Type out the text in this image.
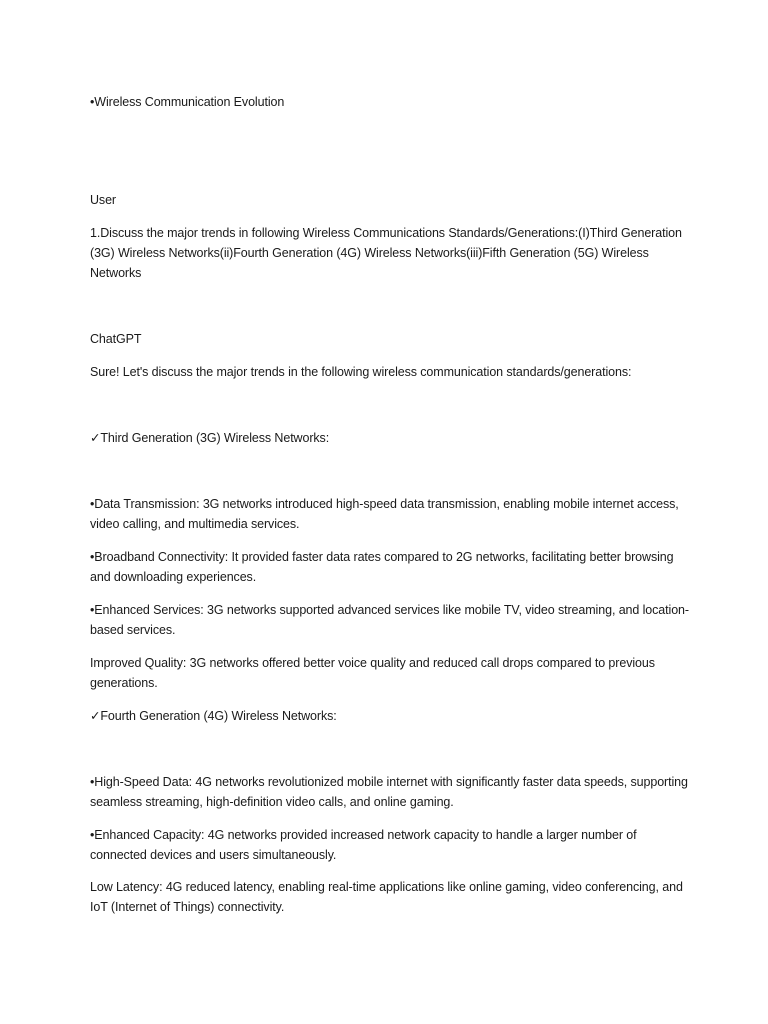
•Wireless Communication Evolution
User
1.Discuss the major trends in following Wireless Communications Standards/Generations:(I)Third Generation (3G) Wireless Networks(ii)Fourth Generation (4G) Wireless Networks(iii)Fifth Generation (5G) Wireless Networks
ChatGPT
Sure! Let's discuss the major trends in the following wireless communication standards/generations:
✓Third Generation (3G) Wireless Networks:
•Data Transmission: 3G networks introduced high-speed data transmission, enabling mobile internet access, video calling, and multimedia services.
•Broadband Connectivity: It provided faster data rates compared to 2G networks, facilitating better browsing and downloading experiences.
•Enhanced Services: 3G networks supported advanced services like mobile TV, video streaming, and location-based services.
Improved Quality: 3G networks offered better voice quality and reduced call drops compared to previous generations.
✓Fourth Generation (4G) Wireless Networks:
•High-Speed Data: 4G networks revolutionized mobile internet with significantly faster data speeds, supporting seamless streaming, high-definition video calls, and online gaming.
•Enhanced Capacity: 4G networks provided increased network capacity to handle a larger number of connected devices and users simultaneously.
Low Latency: 4G reduced latency, enabling real-time applications like online gaming, video conferencing, and IoT (Internet of Things) connectivity.
